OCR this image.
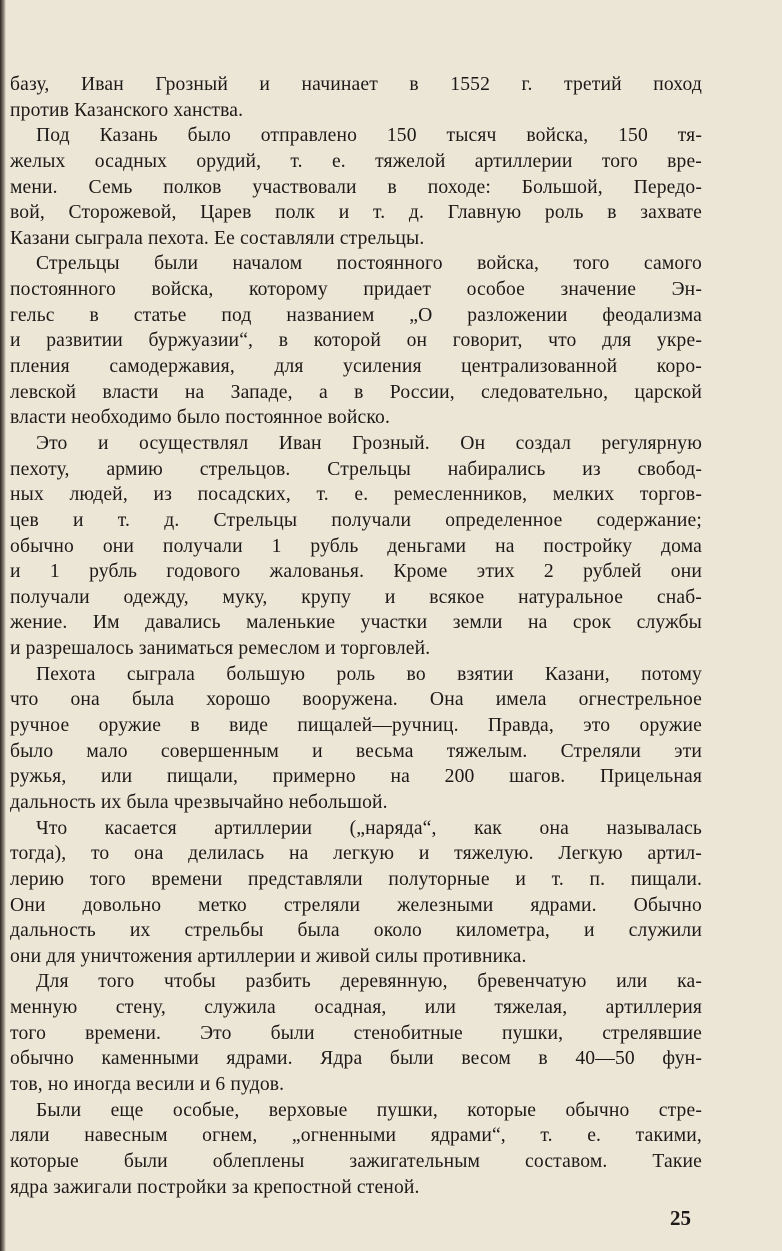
базу, Иван Грозный и начинает в 1552 г. третий поход
против Казанского ханства.
Под Казань было отправлено 150 тысяч войска, 150 тя-
желых осадных орудий, т. е. тяжелой артиллерии того вре-
мени. Семь полков участвовали в походе: Большой, Передо-
вой, Сторожевой, Царев полк и т. д. Главную роль в захвате
Казани сыграла пехота. Ее составляли стрельцы.
Стрельцы были началом постоянного войска, того самого
постоянного войска, которому придает особое значение Эн-
гельс в статье под названием „О разложении феодализма
и развитии буржуазии“, в которой он говорит, что для укре-
пления самодержавия, для усиления централизованной коро-
левской власти на Западе, а в России, следовательно, царской
власти необходимо было постоянное войско.
Это и осуществлял Иван Грозный. Он создал регулярную
пехоту, армию стрельцов. Стрельцы набирались из свобод-
ных людей, из посадских, т. е. ремесленников, мелких торгов-
цев и т. д. Стрельцы получали определенное содержание;
обычно они получали 1 рубль деньгами на постройку дома
и 1 рубль годового жалованья. Кроме этих 2 рублей они
получали одежду, муку, крупу и всякое натуральное снаб-
жение. Им давались маленькие участки земли на срок службы
и разрешалось заниматься ремеслом и торговлей.
Пехота сыграла большую роль во взятии Казани, потому
что она была хорошо вооружена. Она имела огнестрельное
ручное оружие в виде пищалей—ручниц. Правда, это оружие
было мало совершенным и весьма тяжелым. Стреляли эти
ружья, или пищали, примерно на 200 шагов. Прицельная
дальность их была чрезвычайно небольшой.
Что касается артиллерии („наряда“, как она называлась
тогда), то она делилась на легкую и тяжелую. Легкую артил-
лерию того времени представляли полуторные и т. п. пищали.
Они довольно метко стреляли железными ядрами. Обычно
дальность их стрельбы была около километра, и служили
они для уничтожения артиллерии и живой силы противника.
Для того чтобы разбить деревянную, бревенчатую или ка-
менную стену, служила осадная, или тяжелая, артиллерия
того времени. Это были стенобитные пушки, стрелявшие
обычно каменными ядрами. Ядра были весом в 40—50 фун-
тов, но иногда весили и 6 пудов.
Были еще особые, верховые пушки, которые обычно стре-
ляли навесным огнем, „огненными ядрами“, т. е. такими,
которые были облеплены зажигательным составом. Такие
ядра зажигали постройки за крепостной стеной.
25
